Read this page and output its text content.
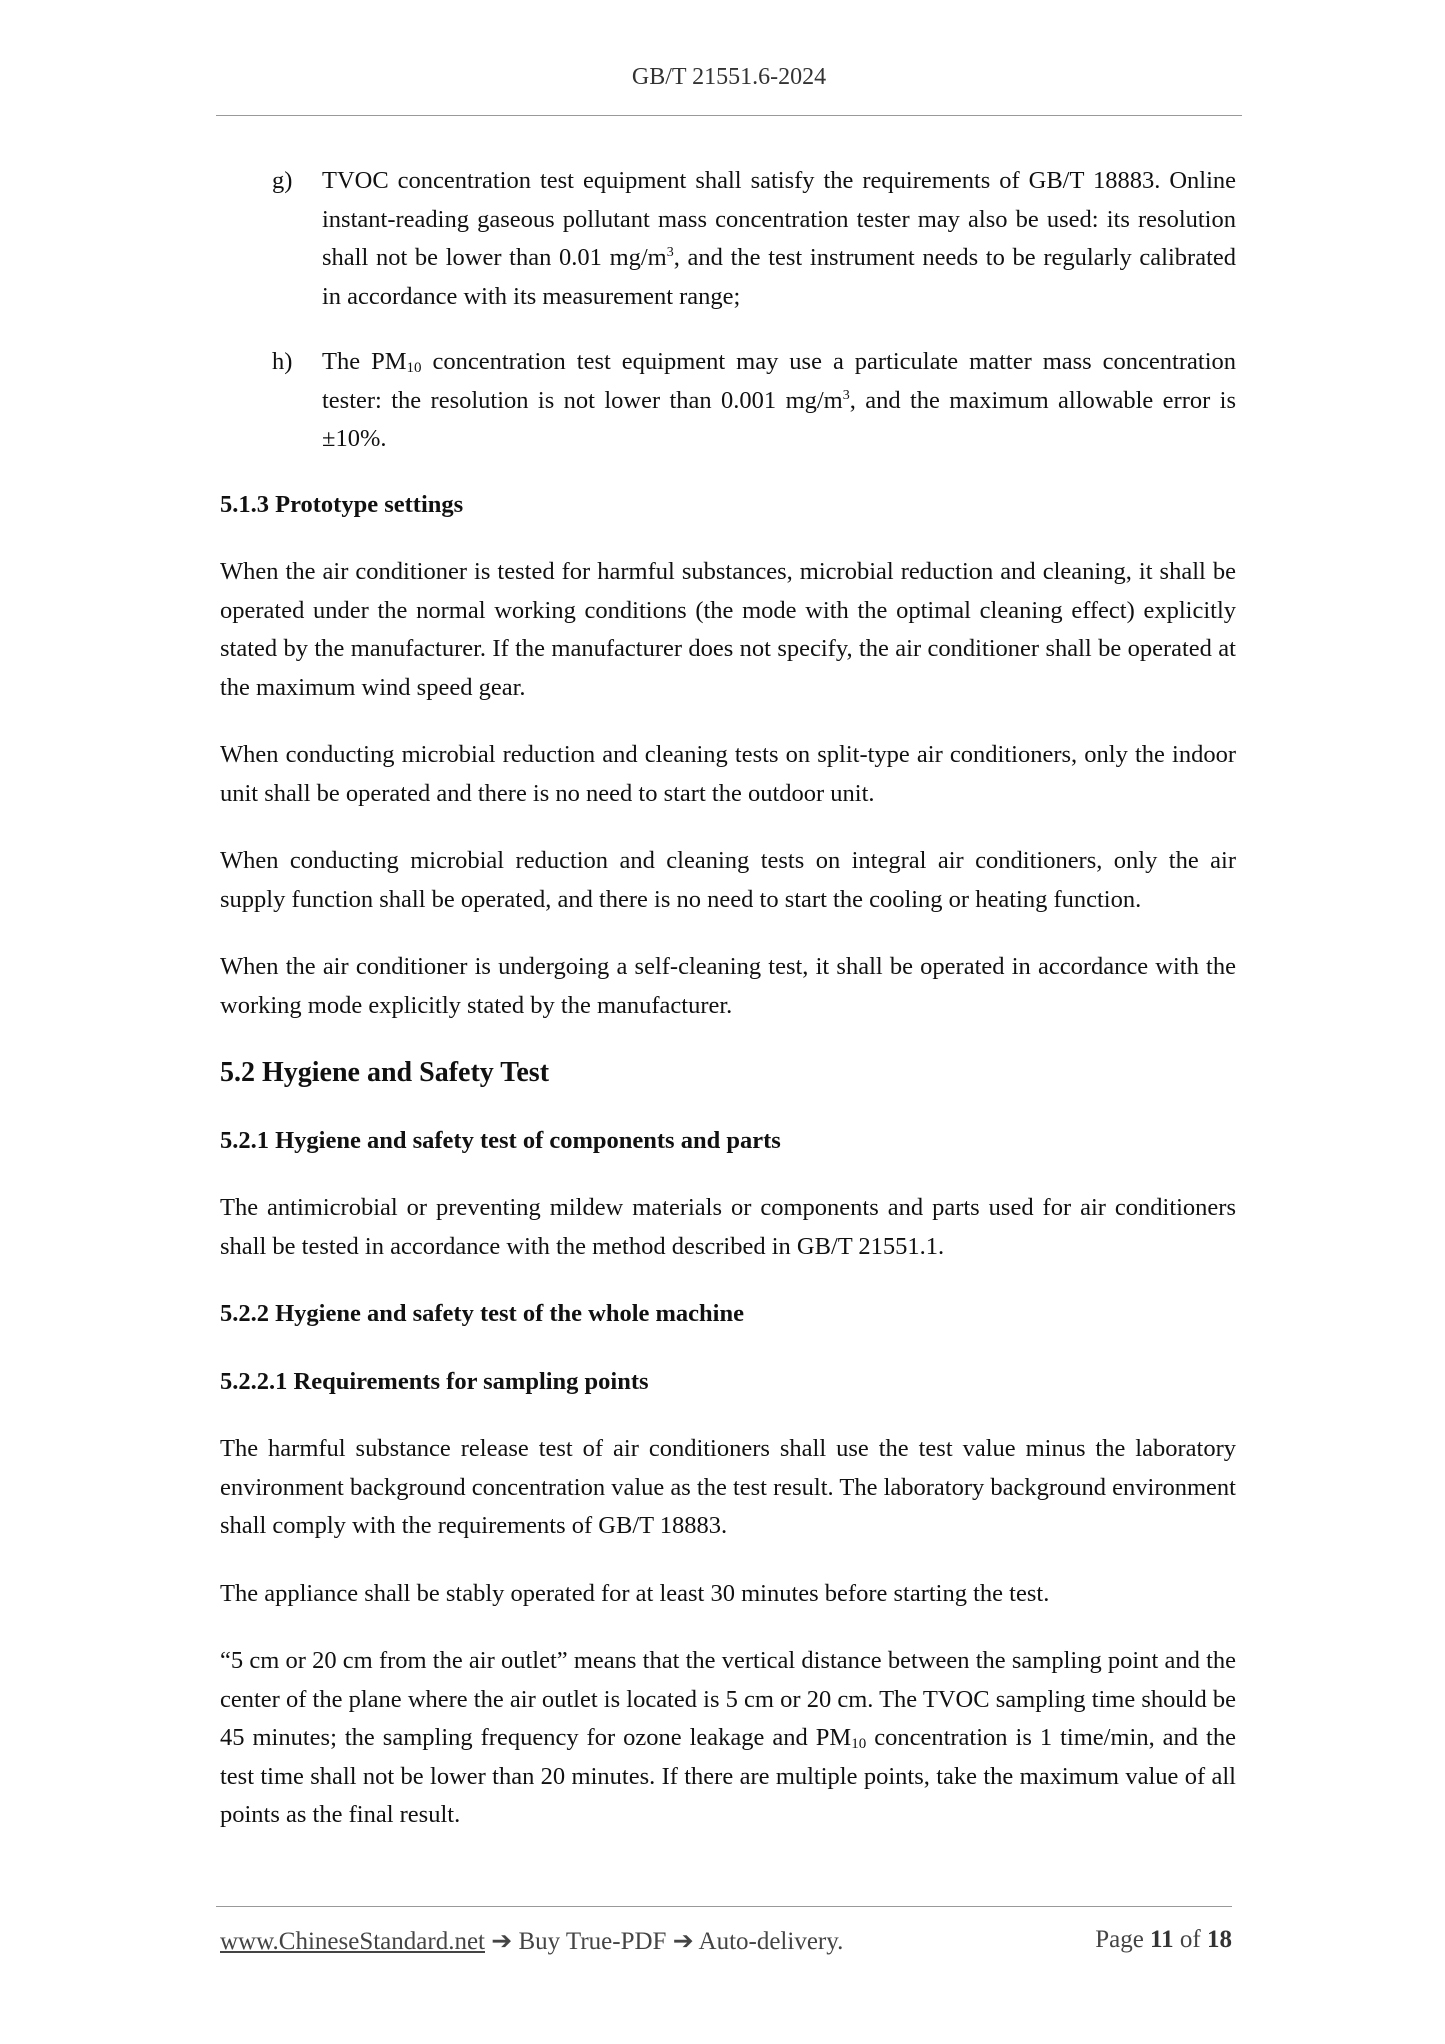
GB/T 21551.6-2024
g)	TVOC concentration test equipment shall satisfy the requirements of GB/T 18883. Online instant-reading gaseous pollutant mass concentration tester may also be used: its resolution shall not be lower than 0.01 $mg/m^3$, and the test instrument needs to be regularly calibrated in accordance with its measurement range;
h)	The $PM_{10}$ concentration test equipment may use a particulate matter mass concentration tester: the resolution is not lower than 0.001 $mg/m^3$, and the maximum allowable error is ±10%.
5.1.3 Prototype settings

When the air conditioner is tested for harmful substances, microbial reduction and cleaning, it shall be operated under the normal working conditions (the mode with the optimal cleaning effect) explicitly stated by the manufacturer. If the manufacturer does not specify, the air conditioner shall be operated at the maximum wind speed gear.

When conducting microbial reduction and cleaning tests on split-type air conditioners, only the indoor unit shall be operated and there is no need to start the outdoor unit.

When conducting microbial reduction and cleaning tests on integral air conditioners, only the air supply function shall be operated, and there is no need to start the cooling or heating function.

When the air conditioner is undergoing a self-cleaning test, it shall be operated in accordance with the working mode explicitly stated by the manufacturer.

5.2 Hygiene and Safety Test
5.2.1 Hygiene and safety test of components and parts

The antimicrobial or preventing mildew materials or components and parts used for air conditioners shall be tested in accordance with the method described in GB/T 21551.1.

5.2.2 Hygiene and safety test of the whole machine
5.2.2.1 Requirements for sampling points

The harmful substance release test of air conditioners shall use the test value minus the laboratory environment background concentration value as the test result. The laboratory background environment shall comply with the requirements of GB/T 18883.

The appliance shall be stably operated for at least 30 minutes before starting the test.

“5 cm or 20 cm from the air outlet” means that the vertical distance between the sampling point and the center of the plane where the air outlet is located is 5 cm or 20 cm. The TVOC sampling time should be 45 minutes; the sampling frequency for ozone leakage and $PM_{10}$ concentration is 1 time/min, and the test time shall not be lower than 20 minutes. If there are multiple points, take the maximum value of all points as the final result.

www.ChineseStandard.net ➔ Buy True-PDF ➔ Auto-delivery.	Page 11 of 18
